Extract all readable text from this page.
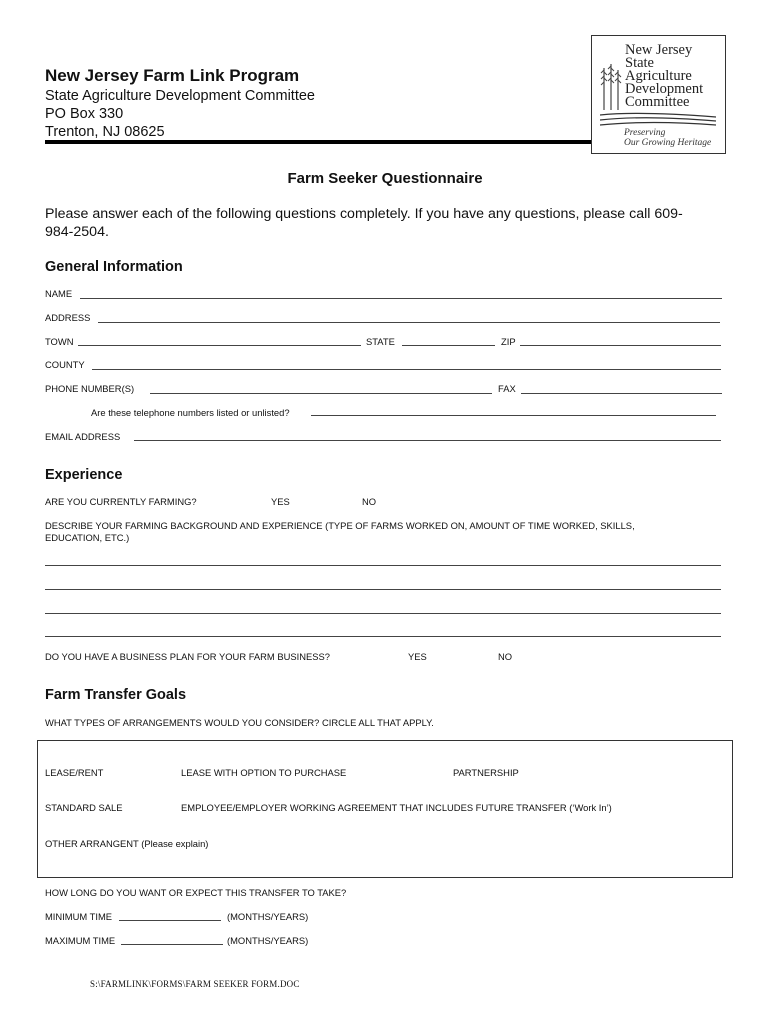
New Jersey Farm Link Program
State Agriculture Development Committee
PO Box 330
Trenton, NJ 08625
New Jersey
State
Agriculture
Development
Committee
Preserving
Our Growing Heritage
Farm Seeker Questionnaire
Please answer each of the following questions completely. If you have any questions, please call 609-984-2504.
General Information
NAME
ADDRESS
TOWN	STATE	ZIP
COUNTY
PHONE NUMBER(S)	FAX
Are these telephone numbers listed or unlisted?
EMAIL ADDRESS
Experience
ARE YOU CURRENTLY FARMING?	YES	NO
DESCRIBE YOUR FARMING BACKGROUND AND EXPERIENCE (TYPE OF FARMS WORKED ON, AMOUNT OF TIME WORKED, SKILLS,
EDUCATION, ETC.)
DO YOU HAVE A BUSINESS PLAN FOR YOUR FARM BUSINESS?	YES	NO
Farm Transfer Goals
WHAT TYPES OF ARRANGEMENTS WOULD YOU CONSIDER? CIRCLE ALL THAT APPLY.
LEASE/RENT	LEASE WITH OPTION TO PURCHASE	PARTNERSHIP
STANDARD SALE	EMPLOYEE/EMPLOYER WORKING AGREEMENT THAT INCLUDES FUTURE TRANSFER (‘Work In’)
OTHER ARRANGENT (Please explain)
HOW LONG DO YOU WANT OR EXPECT THIS TRANSFER TO TAKE?
MINIMUM TIME	(MONTHS/YEARS)
MAXIMUM TIME	(MONTHS/YEARS)
S:\FARMLINK\FORMS\FARM SEEKER FORM.DOC
